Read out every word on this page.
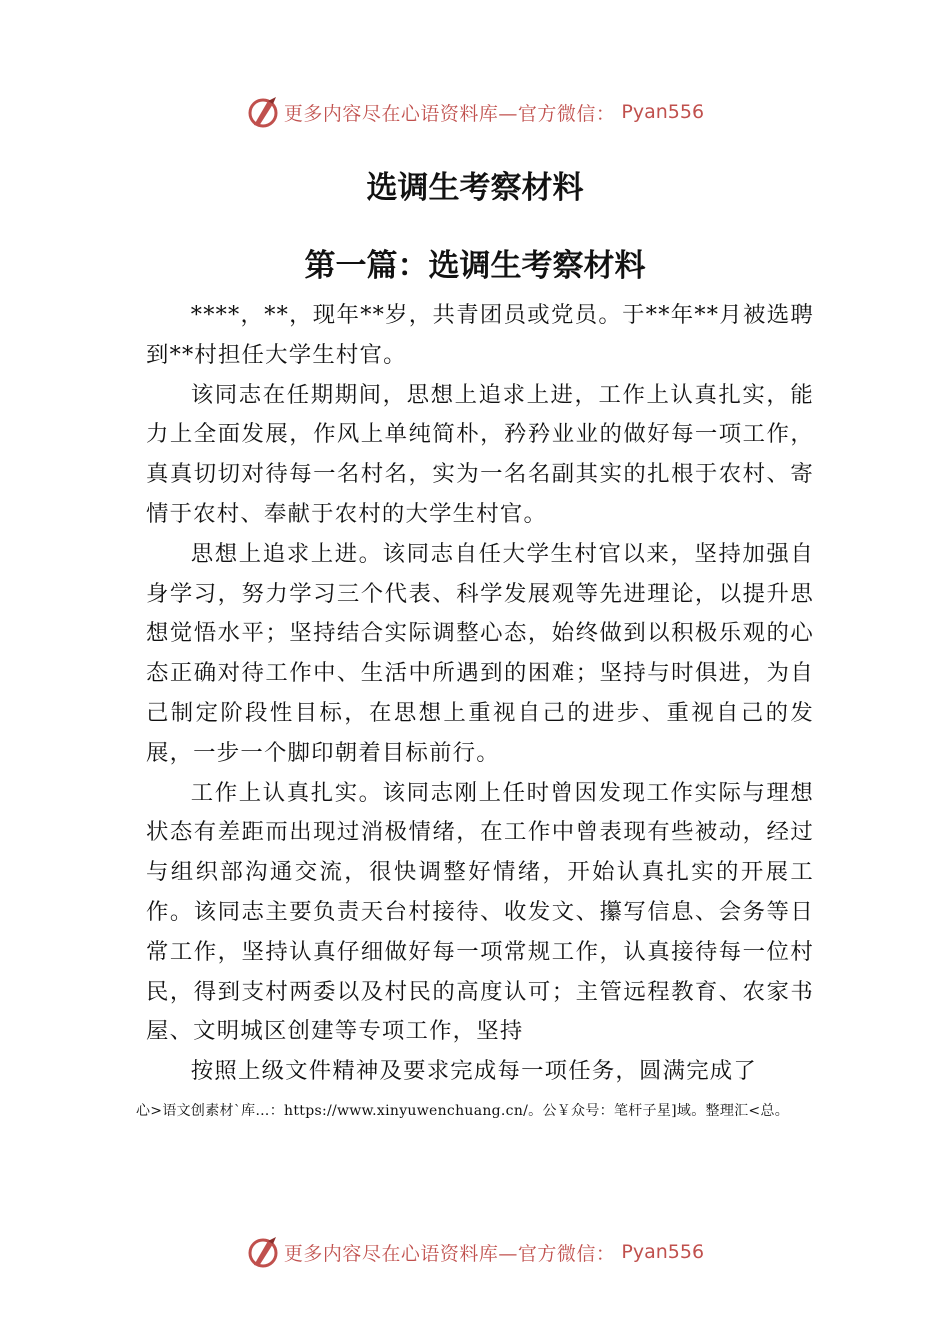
更多内容尽在心语资料库—官方微信： Pyan556
选调生考察材料
第一篇：选调生考察材料

****，**，现年**岁，共青团员或党员。于**年**月被选聘到**村担任大学生村官。

该同志在任期期间，思想上追求上进，工作上认真扎实，能力上全面发展，作风上单纯简朴，矜矜业业的做好每一项工作，真真切切对待每一名村名，实为一名名副其实的扎根于农村、寄情于农村、奉献于农村的大学生村官。

思想上追求上进。该同志自任大学生村官以来，坚持加强自身学习，努力学习三个代表、科学发展观等先进理论，以提升思想觉悟水平；坚持结合实际调整心态，始终做到以积极乐观的心态正确对待工作中、生活中所遇到的困难；坚持与时俱进，为自己制定阶段性目标，在思想上重视自己的进步、重视自己的发展，一步一个脚印朝着目标前行。

工作上认真扎实。该同志刚上任时曾因发现工作实际与理想状态有差距而出现过消极情绪，在工作中曾表现有些被动，经过与组织部沟通交流，很快调整好情绪，开始认真扎实的开展工作。该同志主要负责天台村接待、收发文、攥写信息、会务等日常工作，坚持认真仔细做好每一项常规工作，认真接待每一位村民，得到支村两委以及村民的高度认可；主管远程教育、农家书屋、文明城区创建等专项工作，坚持

按照上级文件精神及要求完成每一项任务，圆满完成了

心>语文创素材`库…：https://www.xinyuwenchuang.cn/。公￥众号：笔杆子星]域。整理汇<总。
更多内容尽在心语资料库—官方微信： Pyan556
